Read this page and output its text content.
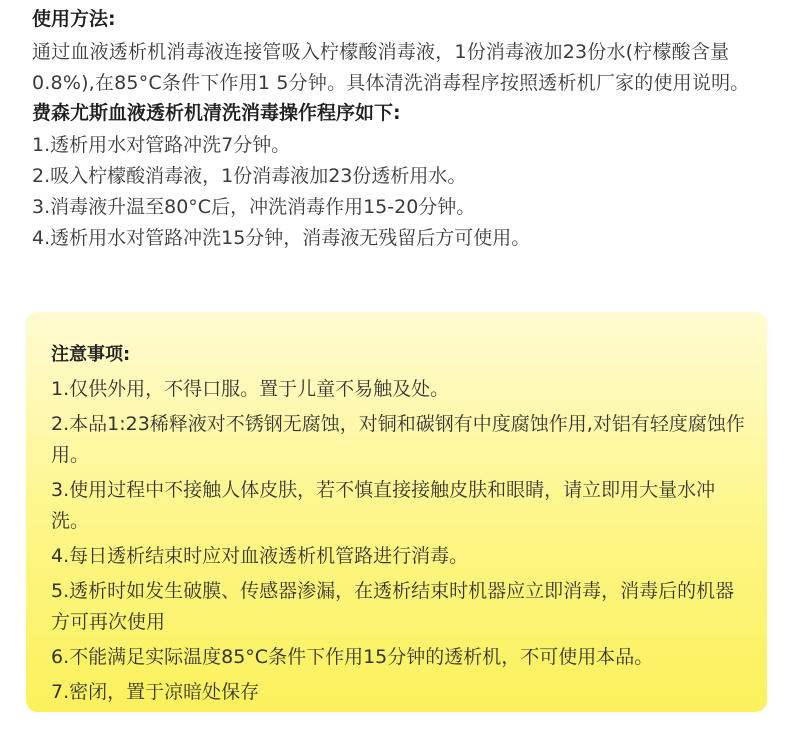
使用方法:
通过血液透析机消毒液连接管吸入柠檬酸消毒液，1份消毒液加23份水(柠檬酸含量0.8%),在85°C条件下作用1 5分钟。具体清洗消毒程序按照透析机厂家的使用说明。
费森尤斯血液透析机清洗消毒操作程序如下:
1.透析用水对管路冲洗7分钟。
2.吸入柠檬酸消毒液，1份消毒液加23份透析用水。
3.消毒液升温至80°C后，冲洗消毒作用15-20分钟。
4.透析用水对管路冲洗15分钟，消毒液无残留后方可使用。
注意事项:
1.仅供外用，不得口服。置于儿童不易触及处。
2.本品1:23稀释液对不锈钢无腐蚀，对铜和碳钢有中度腐蚀作用,对铝有轻度腐蚀作用。
3.使用过程中不接触人体皮肤，若不慎直接接触皮肤和眼睛，请立即用大量水冲洗。
4.每日透析结束时应对血液透析机管路进行消毒。
5.透析时如发生破膜、传感器渗漏，在透析结束时机器应立即消毒，消毒后的机器方可再次使用
6.不能满足实际温度85°C条件下作用15分钟的透析机，不可使用本品。
7.密闭，置于凉暗处保存
